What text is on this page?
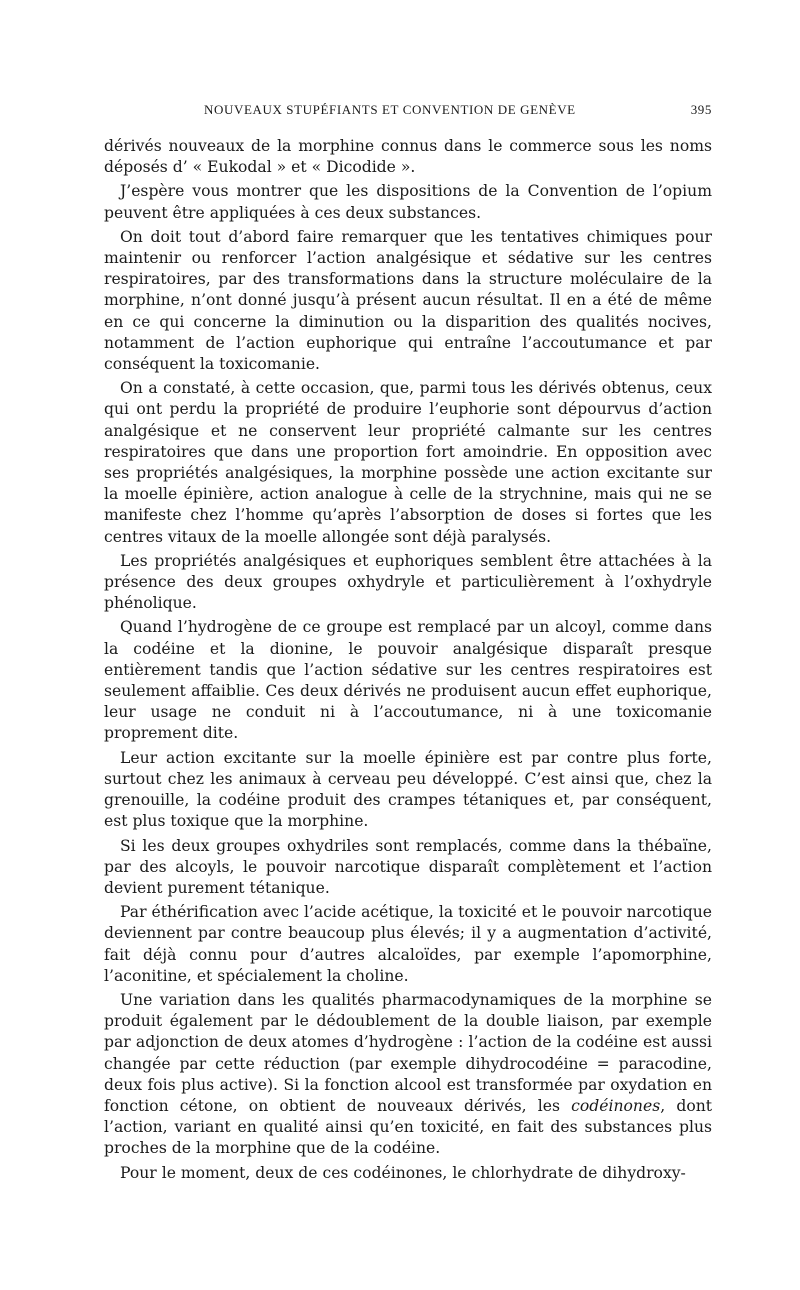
NOUVEAUX STUPÉFIANTS ET CONVENTION DE GENÈVE	395

dérivés nouveaux de la morphine connus dans le commerce sous les noms déposés d’ « Eukodal » et « Dicodide ».

J’espère vous montrer que les dispositions de la Convention de l’opium peuvent être appliquées à ces deux substances.

On doit tout d’abord faire remarquer que les tentatives chimiques pour maintenir ou renforcer l’action analgésique et sédative sur les centres respiratoires, par des transformations dans la structure moléculaire de la morphine, n’ont donné jusqu’à présent aucun résultat. Il en a été de même en ce qui concerne la diminution ou la disparition des qualités nocives, notamment de l’action euphorique qui entraîne l’accoutumance et par conséquent la toxicomanie.

On a constaté, à cette occasion, que, parmi tous les dérivés obtenus, ceux qui ont perdu la propriété de produire l’euphorie sont dépourvus d’action analgésique et ne conservent leur propriété calmante sur les centres respiratoires que dans une proportion fort amoindrie. En opposition avec ses propriétés analgésiques, la morphine possède une action excitante sur la moelle épinière, action analogue à celle de la strychnine, mais qui ne se manifeste chez l’homme qu’après l’absorption de doses si fortes que les centres vitaux de la moelle allongée sont déjà paralysés.

Les propriétés analgésiques et euphoriques semblent être attachées à la présence des deux groupes oxhydryle et particulièrement à l’oxhydryle phénolique.

Quand l’hydrogène de ce groupe est remplacé par un alcoyl, comme dans la codéine et la dionine, le pouvoir analgésique disparaît presque entièrement tandis que l’action sédative sur les centres respiratoires est seulement affaiblie. Ces deux dérivés ne produisent aucun effet euphorique, leur usage ne conduit ni à l’accoutumance, ni à une toxicomanie proprement dite.

Leur action excitante sur la moelle épinière est par contre plus forte, surtout chez les animaux à cerveau peu développé. C’est ainsi que, chez la grenouille, la codéine produit des crampes tétaniques et, par conséquent, est plus toxique que la morphine.

Si les deux groupes oxhydriles sont remplacés, comme dans la thébaïne, par des alcoyls, le pouvoir narcotique disparaît complètement et l’action devient purement tétanique.

Par éthérification avec l’acide acétique, la toxicité et le pouvoir narcotique deviennent par contre beaucoup plus élevés; il y a augmentation d’activité, fait déjà connu pour d’autres alcaloïdes, par exemple l’apomorphine, l’aconitine, et spécialement la choline.

Une variation dans les qualités pharmacodynamiques de la morphine se produit également par le dédoublement de la double liaison, par exemple par adjonction de deux atomes d’hydrogène : l’action de la codéine est aussi changée par cette réduction (par exemple dihydrocodéine = paracodine, deux fois plus active). Si la fonction alcool est transformée par oxydation en fonction cétone, on obtient de nouveaux dérivés, les codéinones, dont l’action, variant en qualité ainsi qu’en toxicité, en fait des substances plus proches de la morphine que de la codéine.

Pour le moment, deux de ces codéinones, le chlorhydrate de dihydroxy-
